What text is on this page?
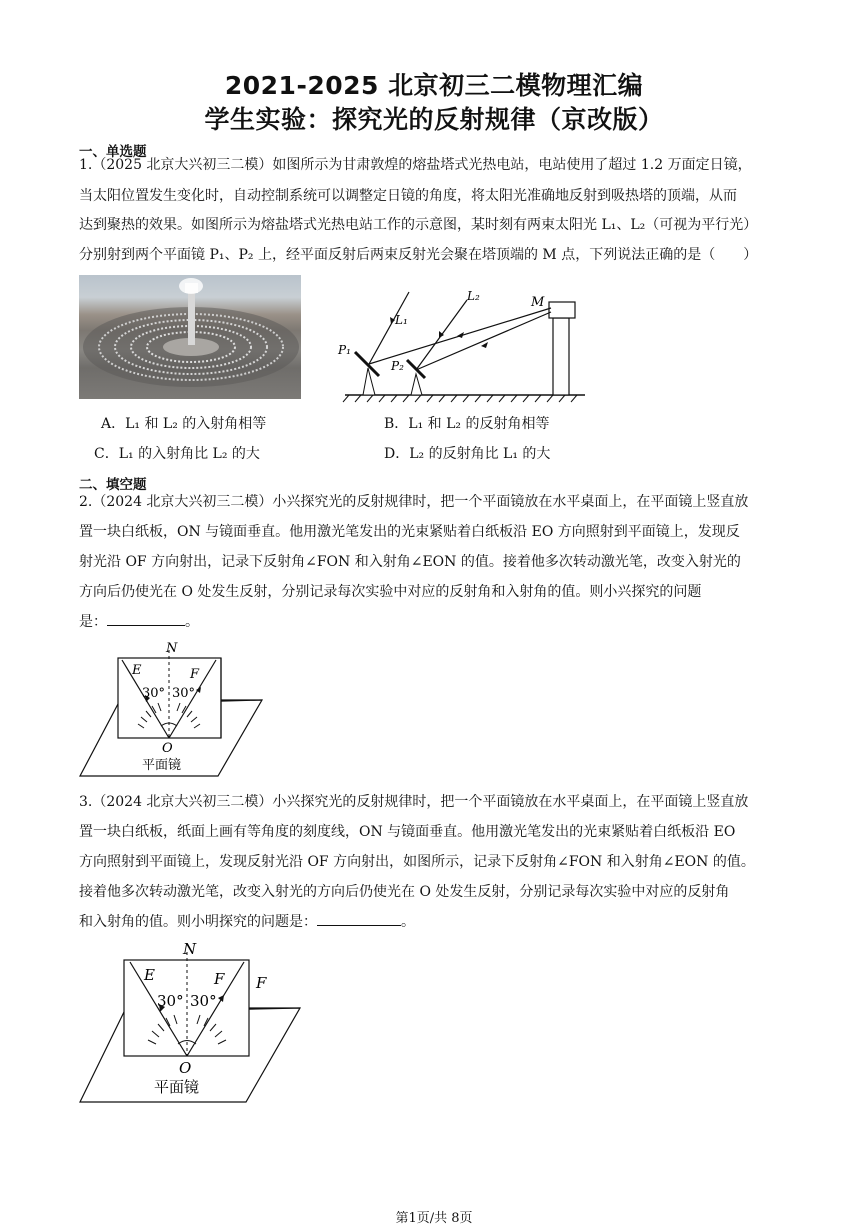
2021-2025 北京初三二模物理汇编
学生实验：探究光的反射规律（京改版）
一、单选题
1.（2025 北京大兴初三二模）如图所示为甘肃敦煌的熔盐塔式光热电站，电站使用了超过 1.2 万面定日镜，
当太阳位置发生变化时，自动控制系统可以调整定日镜的角度，将太阳光准确地反射到吸热塔的顶端，从而
达到聚热的效果。如图所示为熔盐塔式光热电站工作的示意图，某时刻有两束太阳光 L₁、L₂（可视为平行光）
分别射到两个平面镜 P₁、P₂ 上，经平面反射后两束反射光会聚在塔顶端的 M 点，下列说法正确的是（　　）
L₁
L₂	M
P₁
P₂
A．L₁ 和 L₂ 的入射角相等	B．L₁ 和 L₂ 的反射角相等
C．L₁ 的入射角比 L₂ 的大	D．L₂ 的反射角比 L₁ 的大
二、填空题
2.（2024 北京大兴初三二模）小兴探究光的反射规律时，把一个平面镜放在水平桌面上，在平面镜上竖直放
置一块白纸板，ON 与镜面垂直。他用激光笔发出的光束紧贴着白纸板沿 EO 方向照射到平面镜上，发现反
射光沿 OF 方向射出，记录下反射角∠FON 和入射角∠EON 的值。接着他多次转动激光笔，改变入射光的
方向后仍使光在 O 处发生反射，分别记录每次实验中对应的反射角和入射角的值。则小兴探究的问题
是：	。
N
E	F
30° 30°
O
平面镜
3.（2024 北京大兴初三二模）小兴探究光的反射规律时，把一个平面镜放在水平桌面上，在平面镜上竖直放
置一块白纸板，纸面上画有等角度的刻度线，ON 与镜面垂直。他用激光笔发出的光束紧贴着白纸板沿 EO
方向照射到平面镜上，发现反射光沿 OF 方向射出，如图所示，记录下反射角∠FON 和入射角∠EON 的值。
接着他多次转动激光笔，改变入射光的方向后仍使光在 O 处发生反射，分别记录每次实验中对应的反射角
和入射角的值。则小明探究的问题是：	。
N
E	F F
30° 30°
O
平面镜
第1页/共 8页
